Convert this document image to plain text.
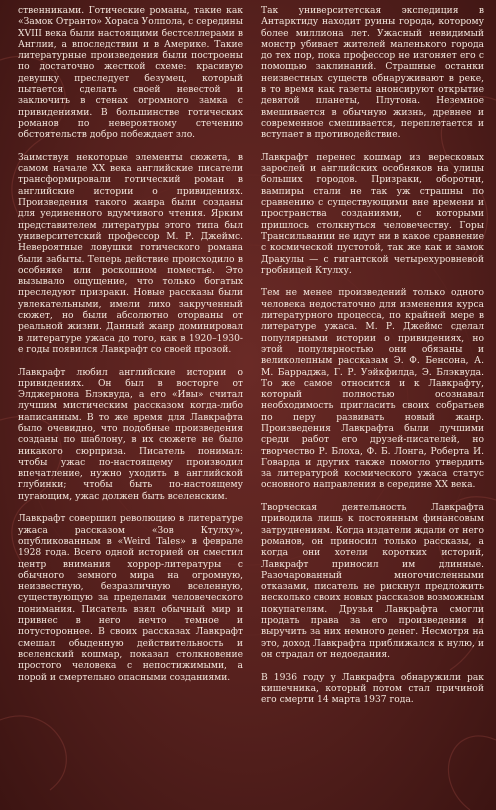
ственниками. Готические романы, такие как «Замок Отранто» Хораса Уолпола, с середины XVIII века были настоящими бестселлерами в Англии, а впоследствии и в Америке. Такие литературные произведения были построены по достаточно жесткой схеме: красивую девушку преследует безумец, который пытается сделать своей невестой и заключить в стенах огромного замка с привидениями. В большинстве готических романов по невероятному стечению обстоятельств добро побеждает зло.

Заимствуя некоторые элементы сюжета, в самом начале XX века английские писатели трансформировали готический роман в английские истории о привидениях. Произведения такого жанра были созданы для уединенного вдумчивого чтения. Ярким представителем литературы этого типа был университетский профессор М. Р. Джеймс. Невероятные ловушки готического романа были забыты. Теперь действие происходило в особняке или роскошном поместье. Это вызывало ощущение, что только богатых преследуют призраки. Новые рассказы были увлекательными, имели лихо закрученный сюжет, но были абсолютно оторваны от реальной жизни. Данный жанр доминировал в литературе ужаса до того, как в 1920–1930-е годы появился Лавкрафт со своей прозой.

Лавкрафт любил английские истории о привидениях. Он был в восторге от Элджернона Блэквуда, а его «Ивы» считал лучшим мистическим рассказом когда-либо написанным. В то же время для Лавкрафта было очевидно, что подобные произведения созданы по шаблону, в их сюжете не было никакого сюрприза. Писатель понимал: чтобы ужас по-настоящему производил впечатление, нужно уходить в английской глубинки; чтобы быть по-настоящему пугающим, ужас должен быть вселенским.

Лавкрафт совершил революцию в литературе ужаса рассказом «Зов Ктулху», опубликованным в «Weird Tales» в феврале 1928 года. Всего одной историей он сместил центр внимания хоррор-литературы с обычного земного мира на огромную, неизвестную, безразличную вселенную, существующую за пределами человеческого понимания. Писатель взял обычный мир и привнес в него нечто темное и потустороннее. В своих рассказах Лавкрафт смешал обыденную действительность и вселенский кошмар, показал столкновение простого человека с непостижимыми, а порой и смертельно опасными созданиями.

Так университетская экспедиция в Антарктиду находит руины города, которому более миллиона лет. Ужасный невидимый монстр убивает жителей маленького города до тех пор, пока профессор не изгоняет его с помощью заклинаний. Страшные останки неизвестных существ обнаруживают в реке, в то время как газеты анонсируют открытие девятой планеты, Плутона. Неземное вмешивается в обычную жизнь, древнее и современное смешивается, переплетается и вступает в противодействие.

Лавкрафт перенес кошмар из вересковых зарослей и английских особняков на улицы больших городов. Призраки, оборотни, вампиры стали не так уж страшны по сравнению с существующими вне времени и пространства созданиями, с которыми пришлось столкнуться человечеству. Горы Трансильвании не идут ни в какое сравнение с космической пустотой, так же как и замок Дракулы — с гигантской четырехуровневой гробницей Ктулху.

Тем не менее произведений только одного человека недостаточно для изменения курса литературного процесса, по крайней мере в литературе ужаса. М. Р. Джеймс сделал популярными истории о привидениях, но этой популярностью они обязаны и великолепным рассказам Э. Ф. Бенсона, А. М. Барраджа, Г. Р. Уэйкфилда, Э. Блэквуда. То же самое относится и к Лавкрафту, который полностью осознавал необходимость пригласить своих собратьев по перу развивать новый жанр. Произведения Лавкрафта были лучшими среди работ его друзей-писателей, но творчество Р. Блоха, Ф. Б. Лонга, Роберта И. Говарда и других также помогло утвердить за литературой космического ужаса статус основного направления в середине XX века.

Творческая деятельность Лавкрафта приводила лишь к постоянным финансовым затруднениям. Когда издатели ждали от него романов, он приносил только рассказы, а когда они хотели коротких историй, Лавкрафт приносил им длинные. Разочарованный многочисленными отказами, писатель не рискнул предложить несколько своих новых рассказов возможным покупателям. Друзья Лавкрафта смогли продать права за его произведения и выручить за них немного денег. Несмотря на это, доход Лавкрафта приближался к нулю, и он страдал от недоедания.

В 1936 году у Лавкрафта обнаружили рак кишечника, который потом стал причиной его смерти 14 марта 1937 года.
